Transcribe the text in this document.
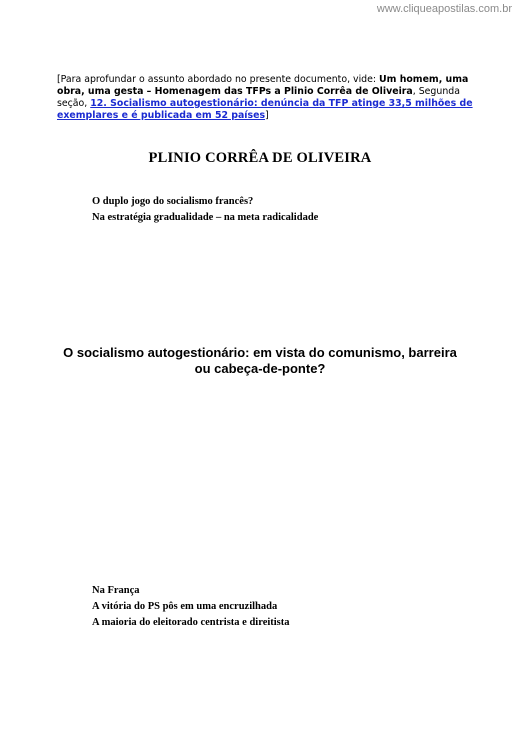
www.cliqueapostilas.com.br
[Para aprofundar o assunto abordado no presente documento, vide: Um homem, uma obra, uma gesta – Homenagem das TFPs a Plinio Corrêa de Oliveira, Segunda seção, 12. Socialismo autogestionário: denúncia da TFP atinge 33,5 milhões de exemplares e é publicada em 52 países]
PLINIO CORRÊA DE OLIVEIRA
O duplo jogo do socialismo francês?
Na estratégia gradualidade – na meta radicalidade
O socialismo autogestionário: em vista do comunismo, barreira ou cabeça-de-ponte?
Na França
A vitória do PS pôs em uma encruzilhada
A maioria do eleitorado centrista e direitista
